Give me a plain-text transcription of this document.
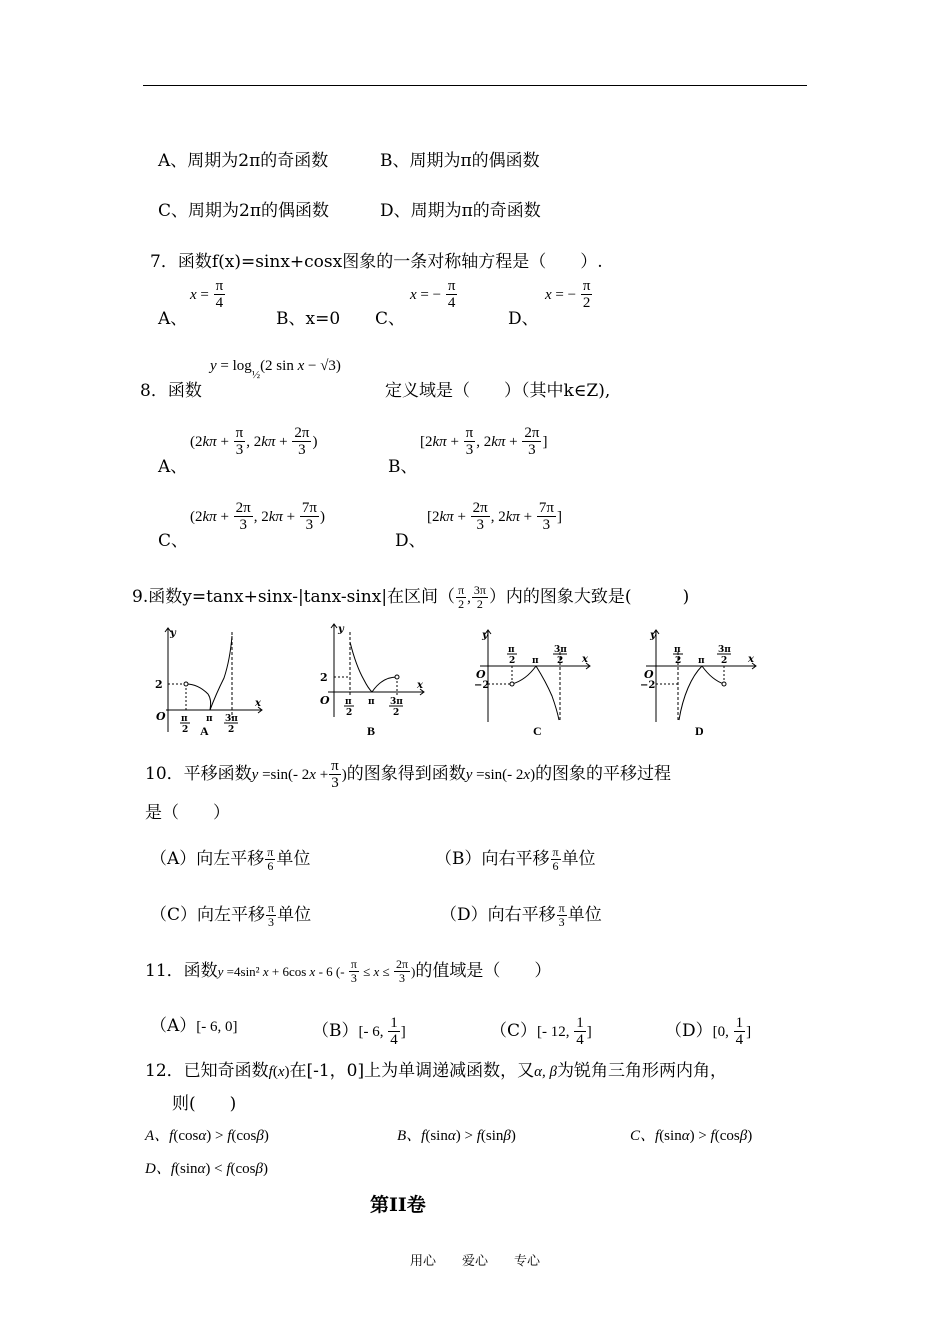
A、周期为2π的奇函数	B、周期为π的偶函数
C、周期为2π的偶函数	D、周期为π的奇函数
7．函数f(x)=sinx+cosx图象的一条对称轴方程是（　　）.
A、
$x = \frac{\pi}{4}$
B、x=0 C、
x = − $\frac{\pi}{4}$
D、
x = − $\frac{\pi}{2}$
8．函数
$y = \log_{\frac{1}{2}}(2$ sin x − √3)
定义域是（　　）（其中k∈Z),
A、
($2k\pi + \frac{\pi}{3}$ , $2k\pi + \frac{2\pi}{3}$ )
B、
[$2k\pi + \frac{\pi}{3}$ , $2k\pi + \frac{2\pi}{3}$ ]
C、
($2k\pi + \frac{2\pi}{3}$ , $2k\pi + \frac{7\pi}{3}$ )
D、
[$2k\pi + \frac{2\pi}{3}$ , $2k\pi + \frac{7\pi}{3}$ ]
9.函数y=tanx+sinx-|tanx-sinx|在区间（ $\frac{\pi}{2}$ , $\frac{3\pi}{2}$ ）内的图象大致是(　　　)
2
O
y
x
π
2
π 3π
2
A
2
O
y
x
π
2
π 3π
2
B
−2
O
y
x
π
2 π
3π
2
C
−2
O
y
x
π
2 π
3π
2
D
10．平移函数y =sin(‑ $2x + \frac{\pi}{3}$ )的图象得到函数y =sin(‑ 2x)的图象的平移过程
是（　　）
（A）向左平移 $\frac{\pi}{6}$ 单位	（B）向右平移 $\frac{\pi}{6}$ 单位
（C）向左平移 $\frac{\pi}{3}$ 单位	（D）向右平移 $\frac{\pi}{3}$ 单位
11．函数y =4sin² x + 6cos x ‑ 6 (‑ $\frac{\pi}{3} \le x \le \frac{2\pi}{3}$ )的值域是（　　）
（A）[‑ 6, 0]	（B）[‑ 6, $\frac{1}{4}$ ]	（C）[‑ 12, $\frac{1}{4}$ ]	（D）[0, $\frac{1}{4}$ ]
12．已知奇函数f(x)在[-1，0]上为单调递减函数，又α, β为锐角三角形两内角，
则(　　)
A、f(cosα) > f(cosβ)	B、f(sinα) > f(sinβ)	C、f(sinα) > f(cosβ)
D、f(sinα) < f(cosβ)
第II卷
用心　　爱心　　专心
